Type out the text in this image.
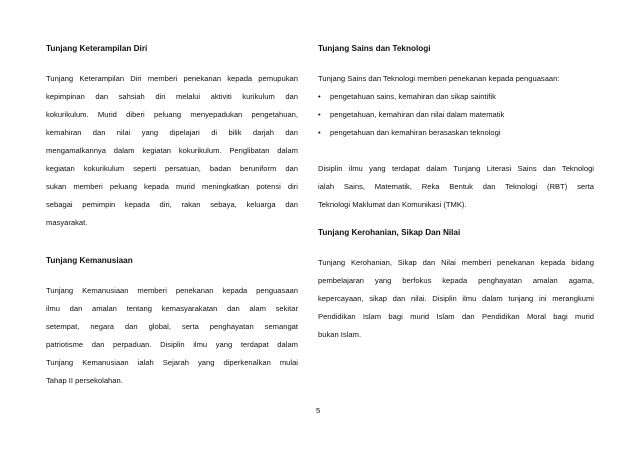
Tunjang Keterampilan Diri
Tunjang Keterampilan Diri memberi penekanan kepada pemupukan
kepimpinan dan sahsiah diri melalui aktiviti kurikulum dan
kokurikulum. Murid diberi peluang menyepadukan pengetahuan,
kemahiran dan nilai yang dipelajari di bilik darjah dan
mengamalkannya dalam kegiatan kokurikulum. Penglibatan dalam
kegiatan kokurikulum seperti persatuan, badan beruniform dan
sukan memberi peluang kepada murid meningkatkan potensi diri
sebagai pemimpin kepada diri, rakan sebaya, keluarga dan
masyarakat.
Tunjang Kemanusiaan
Tunjang Kemanusiaan memberi penekanan kepada penguasaan
ilmu dan amalan tentang kemasyarakatan dan alam sekitar
setempat, negara dan global, serta penghayatan semangat
patriotisme dan perpaduan. Disiplin ilmu yang terdapat dalam
Tunjang Kemanusiaan ialah Sejarah yang diperkenalkan mulai
Tahap II persekolahan.
Tunjang Sains dan Teknologi
Tunjang Sains dan Teknologi memberi penekanan kepada penguasaan:
• pengetahuan sains, kemahiran dan sikap saintifik
• pengetahuan, kemahiran dan nilai dalam matematik
• pengetahuan dan kemahiran berasaskan teknologi
Disiplin ilmu yang terdapat dalam Tunjang Literasi Sains dan Teknologi
ialah Sains, Matematik, Reka Bentuk dan Teknologi (RBT) serta
Teknologi Maklumat dan Komunikasi (TMK).
Tunjang Kerohanian, Sikap Dan Nilai
Tunjang Kerohanian, Sikap dan Nilai memberi penekanan kepada bidang
pembelajaran yang berfokus kepada penghayatan amalan agama,
kepercayaan, sikap dan nilai. Disiplin ilmu dalam tunjang ini merangkumi
Pendidikan Islam bagi murid Islam dan Pendidikan Moral bagi murid
bukan Islam.
5
